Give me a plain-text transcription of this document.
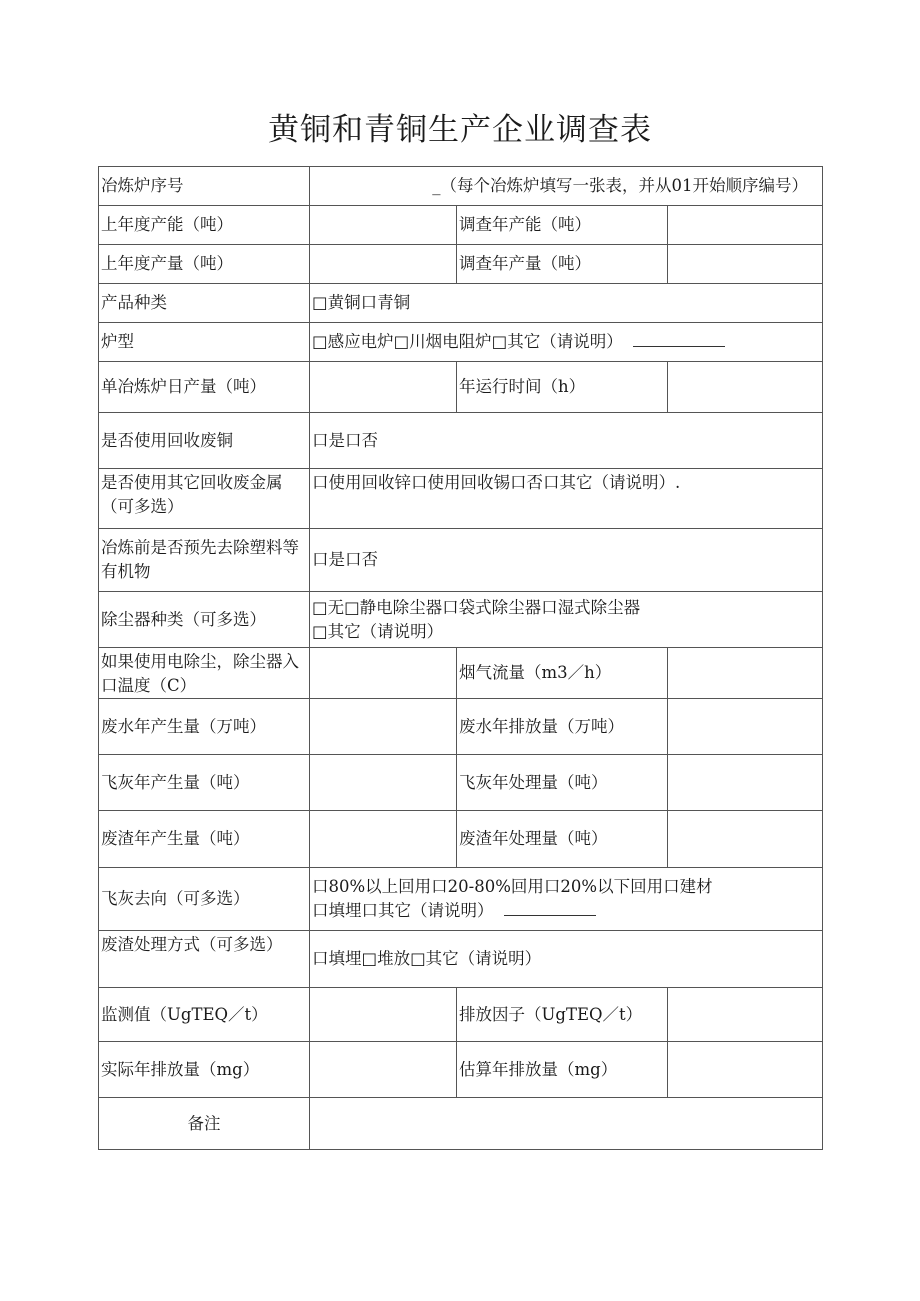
黄铜和青铜生产企业调查表
冶炼炉序号	_（每个冶炼炉填写一张表，并从01开始顺序编号）		
上年度产能（吨）		调查年产能（吨）	
上年度产量（吨）		调查年产量（吨）	
产品种类	□黄铜口青铜		
炉型	□感应电炉□川烟电阻炉□其它（请说明）		
单冶炼炉日产量（吨）		年运行时间（h）	
是否使用回收废铜	口是口否		
是否使用其它回收废金属（可多选）	口使用回收锌口使用回收锡口否口其它（请说明）.		
冶炼前是否预先去除塑料等有机物	口是口否		
除尘器种类（可多选）	□无□静电除尘器口袋式除尘器口湿式除尘器
□其它（请说明）		

如果使用电除尘，除尘器入口温度（C）		烟气流量（m3／h）	
废水年产生量（万吨）		废水年排放量（万吨）	
飞灰年产生量（吨）		飞灰年处理量（吨）	
废渣年产生量（吨）		废渣年处理量（吨）	
飞灰去向（可多选）	口80%以上回用口20-80%回用口20%以下回用口建材
口填埋口其它（请说明）		

废渣处理方式（可多选）	口填埋□堆放□其它（请说明）		
监测值（UgTEQ／t）		排放因子（UgTEQ／t）	
实际年排放量（mg）		估算年排放量（mg）	
备注			
